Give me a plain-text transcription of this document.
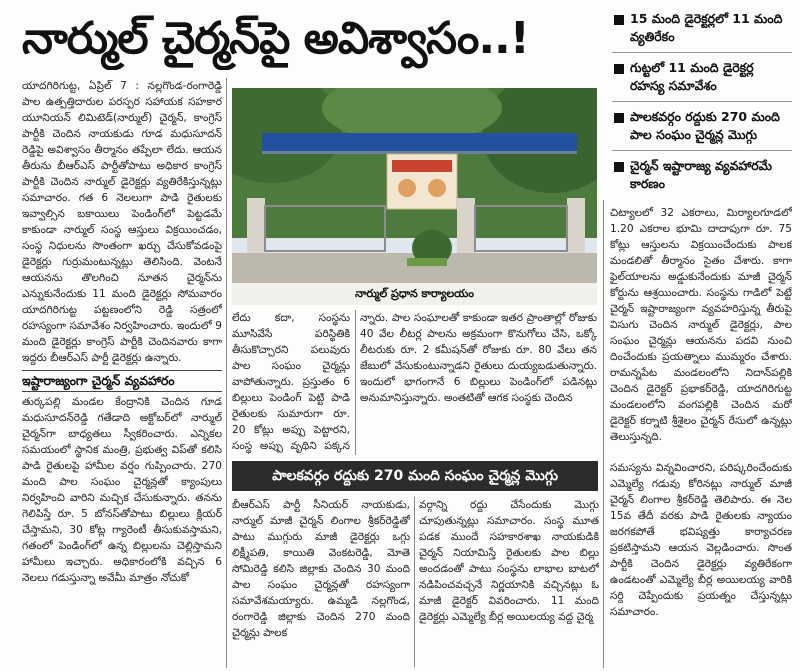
నార్ముల్ చైర్మన్‌పై అవిశ్వాసం..!	15 మంది డైరెక్టర్లలో 11 మంది వ్యతిరేకం
గుట్టలో 11 మంది డైరెక్టర్ల రహస్య సమావేశం
పాలకవర్గం రద్దుకు 270 మంది పాల సంఘం చైర్మన్ల మొగ్గు
చైర్మన్ ఇష్టారాజ్య వ్యవహారమే కారణం

యాదగిరిగుట్ట, ఏప్రిల్ 7 : నల్లగొండ-రంగారెడ్డి పాల ఉత్పత్తిదారుల పరస్పర సహాయక సహకార యూనియన్ లిమిటెడ్(నార్ముల్) చైర్మన్, కాంగ్రెస్ పార్టీకి చెందిన నాయకుడు గూడ మధుసూదన్ రెడ్డిపై అవిశ్వాసం తీర్మానం తప్పేలా లేదు. ఆయన తీరును బీఆర్ఎస్ పార్టీతోపాటు అధికార కాంగ్రెస్ పార్టీకి చెందిన నార్ముల్ డైరెక్టర్లు వ్యతిరేకిస్తున్నట్లు సమాచారం. గత 6 నెలలుగా పాడి రైతులకు ఇవ్వాల్సిన బకాయిలు పెండింగ్‌లో పెట్టడమే కాకుండా నార్ముల్ సంస్థ ఆస్తులు విక్రయించడం, సంస్థ నిధులను సొంతంగా ఖర్చు చేసుకోవడంపై డైరెక్టర్లు గుర్రుమంటున్నట్లు తెలిసింది. వెంటనే ఆయనను తొలగించి నూతన చైర్మన్‌ను ఎన్నుకునేందుకు 11 మంది డైరెక్టర్లు సోమవారం యాదగిరిగుట్ట పట్టణంలోని రెడ్డి సత్రంలో రహస్యంగా సమావేశం నిర్వహించారు. ఇందులో 9 మంది డైరెక్టర్లు కాంగ్రెస్ పార్టీకి చెందినవారు కాగా ఇద్దరు బీఆర్ఎస్ పార్టీ డైరెక్టర్లు ఉన్నారు.

ఇష్టారాజ్యంగా చైర్మన్ వ్యవహారం

తుర్కపల్లి మండల కేంద్రానికి చెందిన గూడ మధుసూదన్‌రెడ్డి గతేడాది అక్టోబర్‌లో నార్ముల్ చైర్మన్‌గా బాధ్యతలు స్వీకరించారు. ఎన్నికల సమయంలో స్థానిక మంత్రి, ప్రభుత్వ విప్‌తో కలిసి పాడి రైతులపై హామీల వర్షం గుప్పించారు. 270 మంది పాల సంఘం చైర్మన్లతో క్యాంపులు నిర్వహించి వారిని మచ్చిక చేసుకున్నారు. తనను గెలిపిస్తే రూ. 5 బోనస్‌తోపాటు బిల్లులు క్లియర్ చేస్తామని, 30 కోట్ల గ్యారెంటీ తీసుకువస్తామని, గతంలో పెండింగ్‌లో ఉన్న బిల్లులను చెల్లిస్తామని హామీలు ఇచ్చారు. అధికారంలోకి వచ్చిన 6 నెలలు గడుస్తున్నా అవేమీ మాత్రం నోచుకో

నార్ముల్ ప్రధాన కార్యాలయం

లేదు కదా, సంస్థను మూసివేసే పరిస్థితికి తీసుకొచ్చారని పలువురు పాల సంఘం చైర్మన్లు వాపోతున్నారు. ప్రస్తుతం 6 బిల్లులు పెండింగ్ పెట్టి పాడి రైతులకు సుమారుగా రూ. 20 కోట్లు అప్పు పెట్టారని, సంస్థ అప్పు వృథిని పక్కన

న్నారు. పాల సంఘాలతో కాకుండా ఇతర ప్రాంతాల్లో రోజుకు 40 వేల లీటర్ల పాలను అక్రమంగా కొనుగోలు చేసి, ఒక్కో లీటరుకు రూ. 2 కమీషన్‌తో రోజుకు రూ. 80 వేలు తన జేబులో వేసుకుంటున్నాడని రైతులు దుయ్యబడుతున్నారు. ఇందులో భాగంగానే 6 బిల్లులు పెండింగ్‌లో పడినట్లు అనుమానిస్తున్నారు. అంతటితో ఆగక సంస్థకు చెందిన

చిట్యాలలో 32 ఎకరాలు, మిర్యాలగూడలో 1.20 ఎకరాల భూమి దాదాపుగా రూ. 75 కోట్లు ఆస్తులను విక్రయించేందుకు పాలక మండలితో తీర్మానం సైతం చేశారు. కాగా ఫైల్‌యాలను అడ్డుకునేందుకు మాజీ చైర్మన్ కోర్టును ఆశ్రయించారు. సంస్థను గాడిలో పెట్టే చైర్మన్ ఇష్టారాజ్యంగా వ్యవహరిస్తున్న తీరుపై విసుగు చెందిన నార్ముల్ డైరెక్టర్లు, పాల సంఘం చైర్మన్లు ఆయనను పదవి నుంచి దించేందుకు ప్రయత్నాలు ముమ్మరం చేశారు. రామన్నపేట మండలంలోని నిదాన్‌పల్లికి చెందిన డైరెక్టర్ ప్రభాకర్‌రెడ్డి, యాదగిరిగుట్ట మండలంలోని వంగపల్లికి చెందిన మరో డైరెక్టర్ కర్నాటి శ్రీశైలం చైర్మన్ రేసులో ఉన్నట్లు తెలుస్తున్నది.

పాలకవర్గం రద్దుకు 270 మంది సంఘం చైర్మన్ల మొగ్గు

బీఆర్ఎస్ పార్టీ సీనియర్ నాయకుడు, నార్ముల్ మాజీ చైర్మన్ లింగాల శ్రీకర్‌రెడ్డితో పాటు ముగ్గురు మాజీ డైరెక్టర్లు ఒగ్గు లిక్ష్మీపతి, కాయితి వెంకటరెడ్డి, మోతె సోమిరెడ్డి కలిసి జిల్లాకు చెందిన 30 మంది పాల సంఘం చైర్మన్లతో రహస్యంగా సమావేశమయ్యారు. ఉమ్మడి నల్లగొండ, రంగారెడ్డి జిల్లాకు చెందిన 270 మంది చైర్మన్లు పాలక

వర్గాన్ని రద్దు చేసేందుకు మొగ్గు చూపుతున్నట్లు సమాచారం. సంస్థ మూత పడక ముందే సహకారశాఖ నాయకుడికి చైర్మన్ నియామిస్తే రైతులకు పాల బిల్లు అందడంతో పాటు సంస్థను లాభాల బాటలో నడిపించవచ్చనే నిర్ణయానికి వచ్చినట్లు ఓ మాజీ డైరెక్టర్ వివరించారు. 11 మంది డైరెక్టర్లు ఎమ్మెల్యే బీర్ల అయిలయ్య వద్ద చైర్మ

సమస్యను విన్నవించారని, పరిష్కరించేందుకు ఎమ్మెల్యే గడువు కోరినట్లు నార్ముల్ మాజీ చైర్మన్ లింగాల శ్రీకర్‌రెడ్డి తెలిపారు. ఈ నెల 15వ తేదీ వరకు పాడి రైతులకు న్యాయం జరగకపోతే భవిష్యత్తు కార్యాచరణ ప్రకటిస్తామని ఆయన వెల్లడించారు. సొంత పార్టీకి చెందిన డైరెక్టర్లు వ్యతిరేకంగా ఉండటంతో ఎమ్మెల్యే బీర్ల అయిలయ్య వారికి సర్ది చెప్పేందుకు ప్రయత్నం చేస్తున్నట్లు సమాచారం.
